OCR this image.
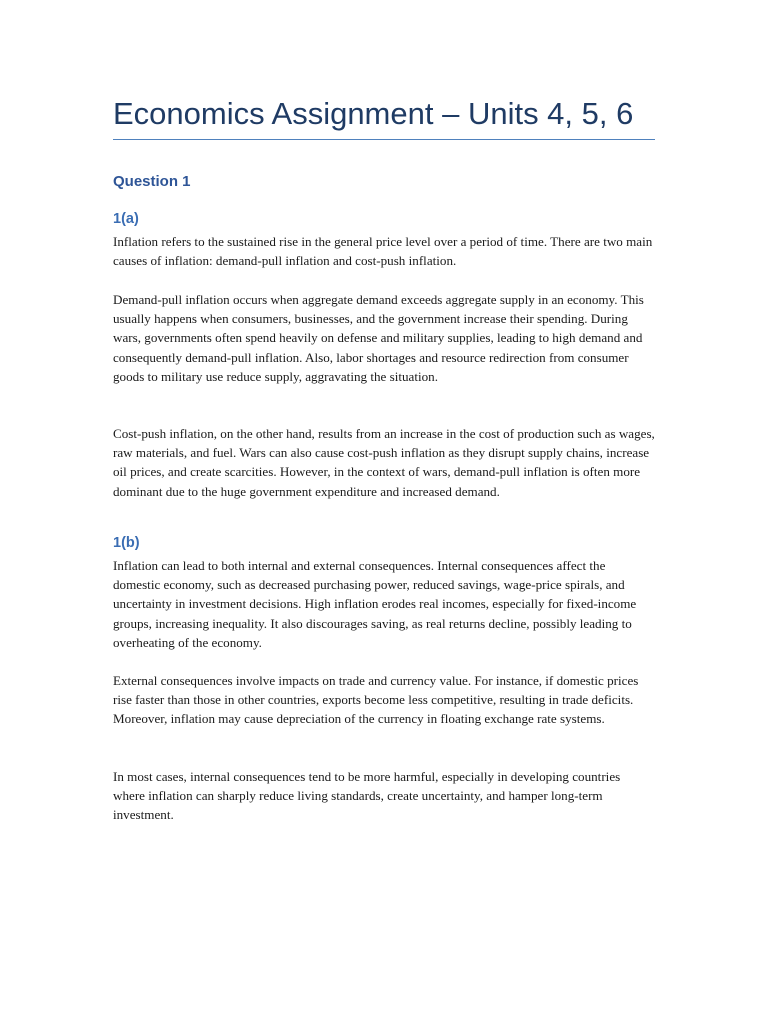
Economics Assignment – Units 4, 5, 6
Question 1
1(a)

Inflation refers to the sustained rise in the general price level over a period of time. There are two main causes of inflation: demand-pull inflation and cost-push inflation.

Demand-pull inflation occurs when aggregate demand exceeds aggregate supply in an economy. This usually happens when consumers, businesses, and the government increase their spending. During wars, governments often spend heavily on defense and military supplies, leading to high demand and consequently demand-pull inflation. Also, labor shortages and resource redirection from consumer goods to military use reduce supply, aggravating the situation.

Cost-push inflation, on the other hand, results from an increase in the cost of production such as wages, raw materials, and fuel. Wars can also cause cost-push inflation as they disrupt supply chains, increase oil prices, and create scarcities. However, in the context of wars, demand-pull inflation is often more dominant due to the huge government expenditure and increased demand.

1(b)

Inflation can lead to both internal and external consequences. Internal consequences affect the domestic economy, such as decreased purchasing power, reduced savings, wage-price spirals, and uncertainty in investment decisions. High inflation erodes real incomes, especially for fixed-income groups, increasing inequality. It also discourages saving, as real returns decline, possibly leading to overheating of the economy.

External consequences involve impacts on trade and currency value. For instance, if domestic prices rise faster than those in other countries, exports become less competitive, resulting in trade deficits. Moreover, inflation may cause depreciation of the currency in floating exchange rate systems.

In most cases, internal consequences tend to be more harmful, especially in developing countries where inflation can sharply reduce living standards, create uncertainty, and hamper long-term investment.
